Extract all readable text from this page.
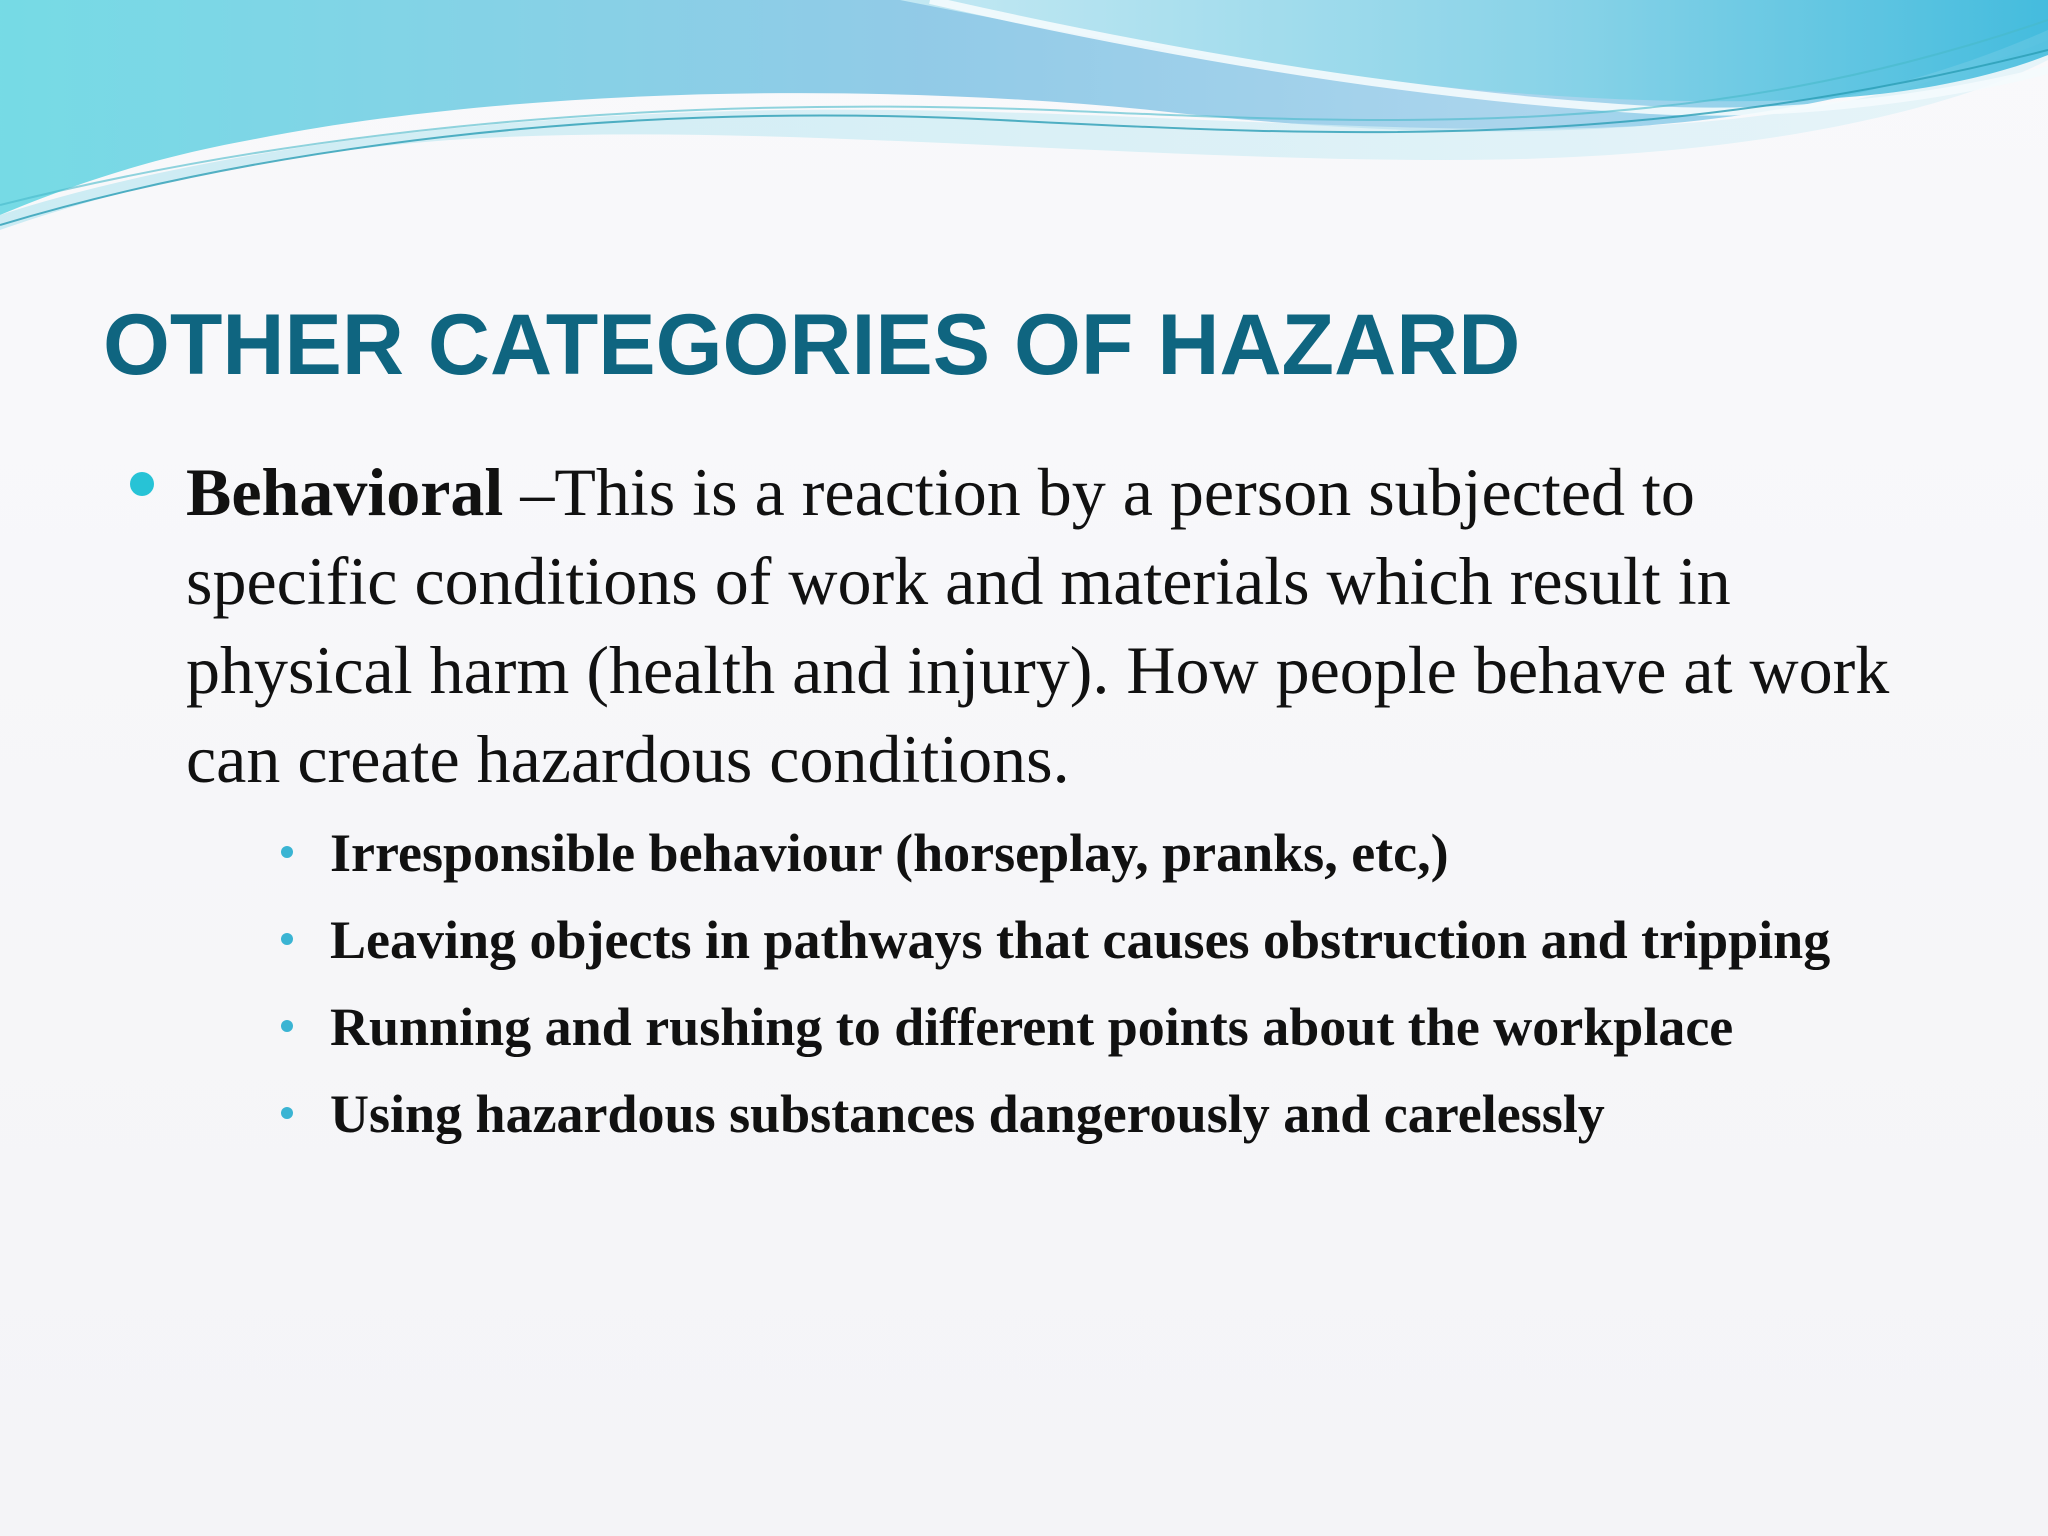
OTHER CATEGORIES OF HAZARD
Behavioral –This is a reaction by a person subjected to specific conditions of work and materials which result in physical harm (health and injury). How people behave at work can create hazardous conditions.
Irresponsible behaviour (horseplay, pranks, etc,)
Leaving objects in pathways that causes obstruction and tripping
Running and rushing to different points about the workplace
Using hazardous substances dangerously and carelessly
